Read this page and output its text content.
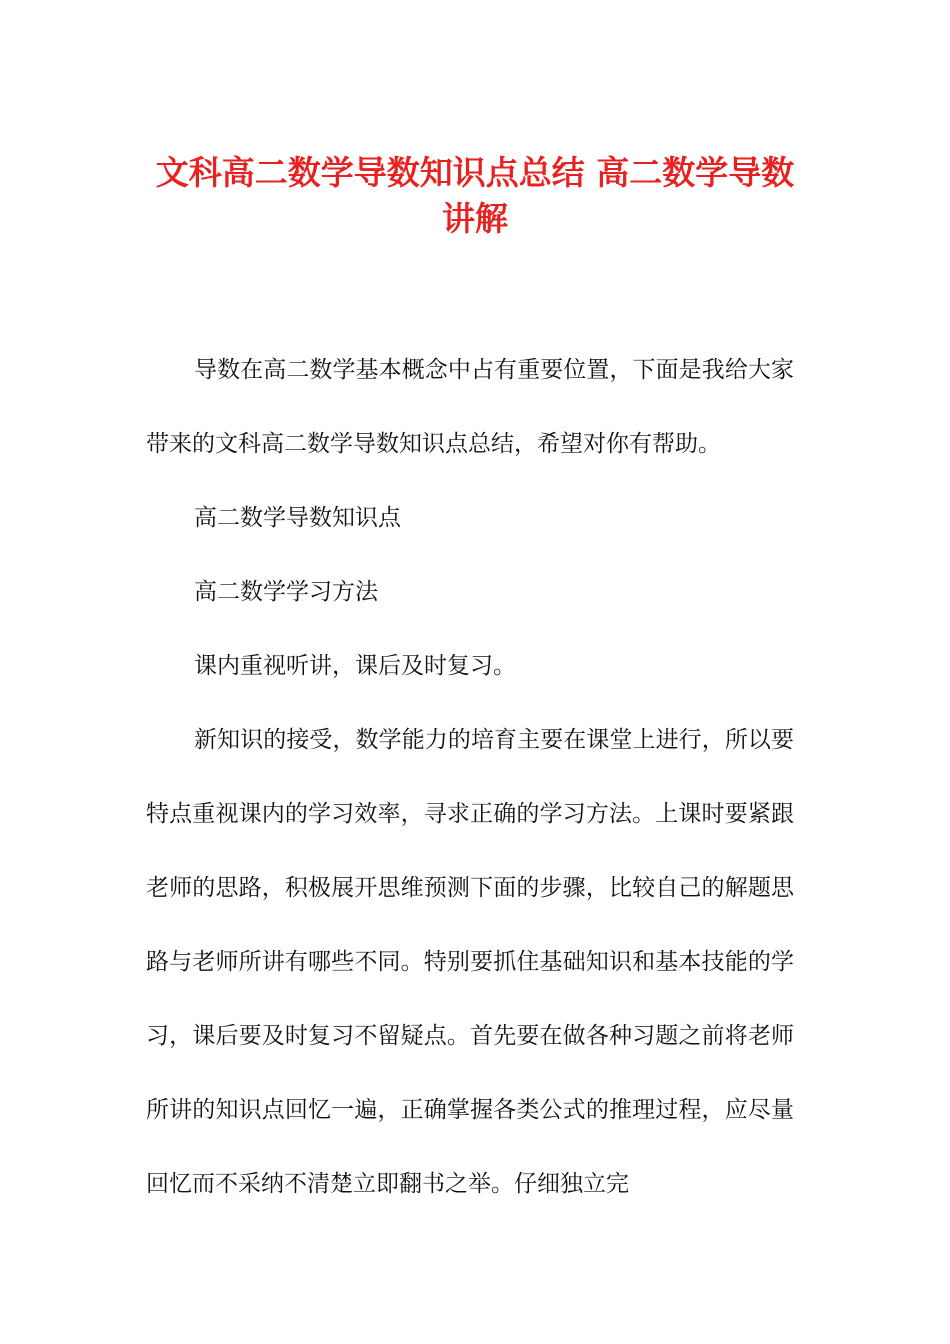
文科高二数学导数知识点总结 高二数学导数讲解

导数在高二数学基本概念中占有重要位置，下面是我给大家带来的文科高二数学导数知识点总结，希望对你有帮助。

高二数学导数知识点

高二数学学习方法

课内重视听讲，课后及时复习。

新知识的接受，数学能力的培育主要在课堂上进行，所以要特点重视课内的学习效率，寻求正确的学习方法。上课时要紧跟老师的思路，积极展开思维预测下面的步骤，比较自己的解题思路与老师所讲有哪些不同。特别要抓住基础知识和基本技能的学习，课后要及时复习不留疑点。首先要在做各种习题之前将老师所讲的知识点回忆一遍，正确掌握各类公式的推理过程，应尽量回忆而不采纳不清楚立即翻书之举。仔细独立完
